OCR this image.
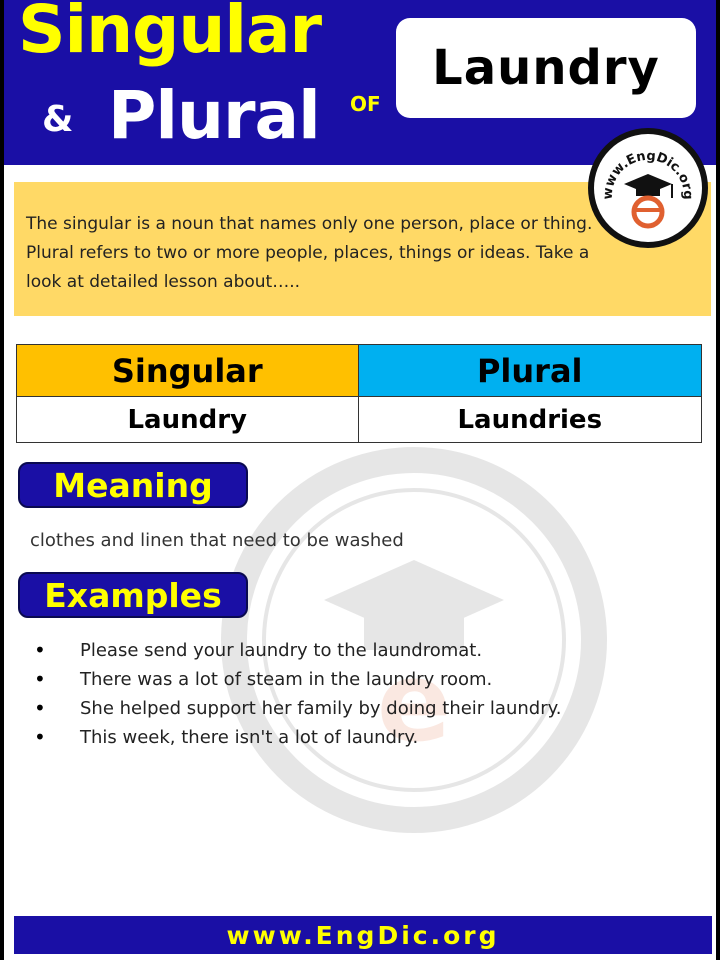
e
Singular
& Plural OF
Laundry
www.EngDic.org

The singular is a noun that names only one person, place or thing. Plural refers to two or more people, places, things or ideas. Take a look at detailed lesson about…..

Singular	Plural
Laundry	Laundries
Meaning
clothes and linen that need to be washed
Examples
• Please send your laundry to the laundromat.
• There was a lot of steam in the laundry room.
• She helped support her family by doing their laundry.
• This week, there isn't a lot of laundry.
www.EngDic.org
